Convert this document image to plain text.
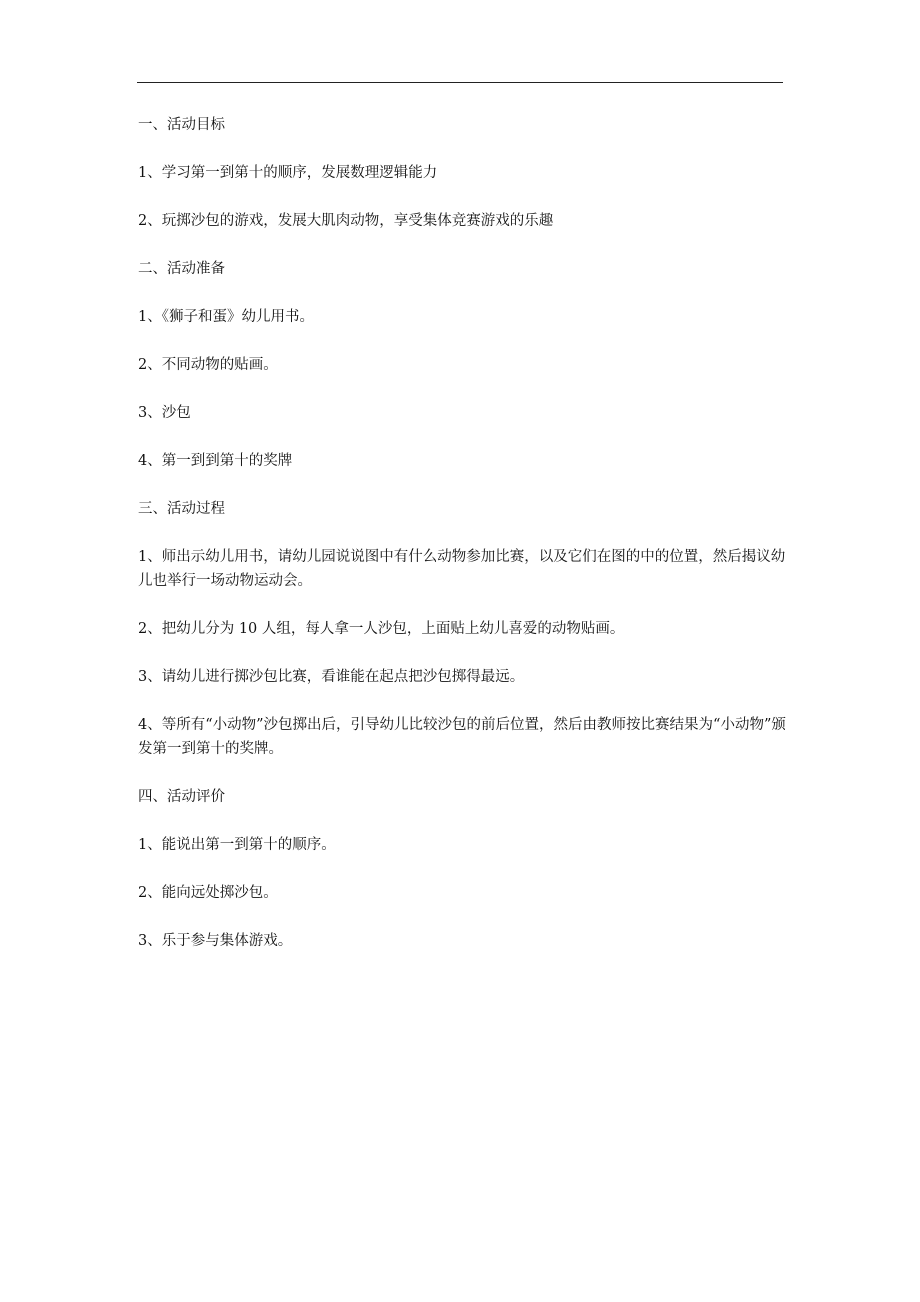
一、活动目标

1、学习第一到第十的顺序，发展数理逻辑能力

2、玩掷沙包的游戏，发展大肌肉动物，享受集体竞赛游戏的乐趣

二、活动准备

1、《狮子和蛋》幼儿用书。

2、不同动物的贴画。

3、沙包

4、第一到到第十的奖牌

三、活动过程

1、师出示幼儿用书，请幼儿园说说图中有什么动物参加比赛，以及它们在图的中的位置，然后揭议幼儿也举行一场动物运动会。

2、把幼儿分为 10 人组，每人拿一人沙包，上面贴上幼儿喜爱的动物贴画。

3、请幼儿进行掷沙包比赛，看谁能在起点把沙包掷得最远。

4、等所有“小动物”沙包掷出后，引导幼儿比较沙包的前后位置，然后由教师按比赛结果为“小动物”颁发第一到第十的奖牌。

四、活动评价

1、能说出第一到第十的顺序。

2、能向远处掷沙包。

3、乐于参与集体游戏。
